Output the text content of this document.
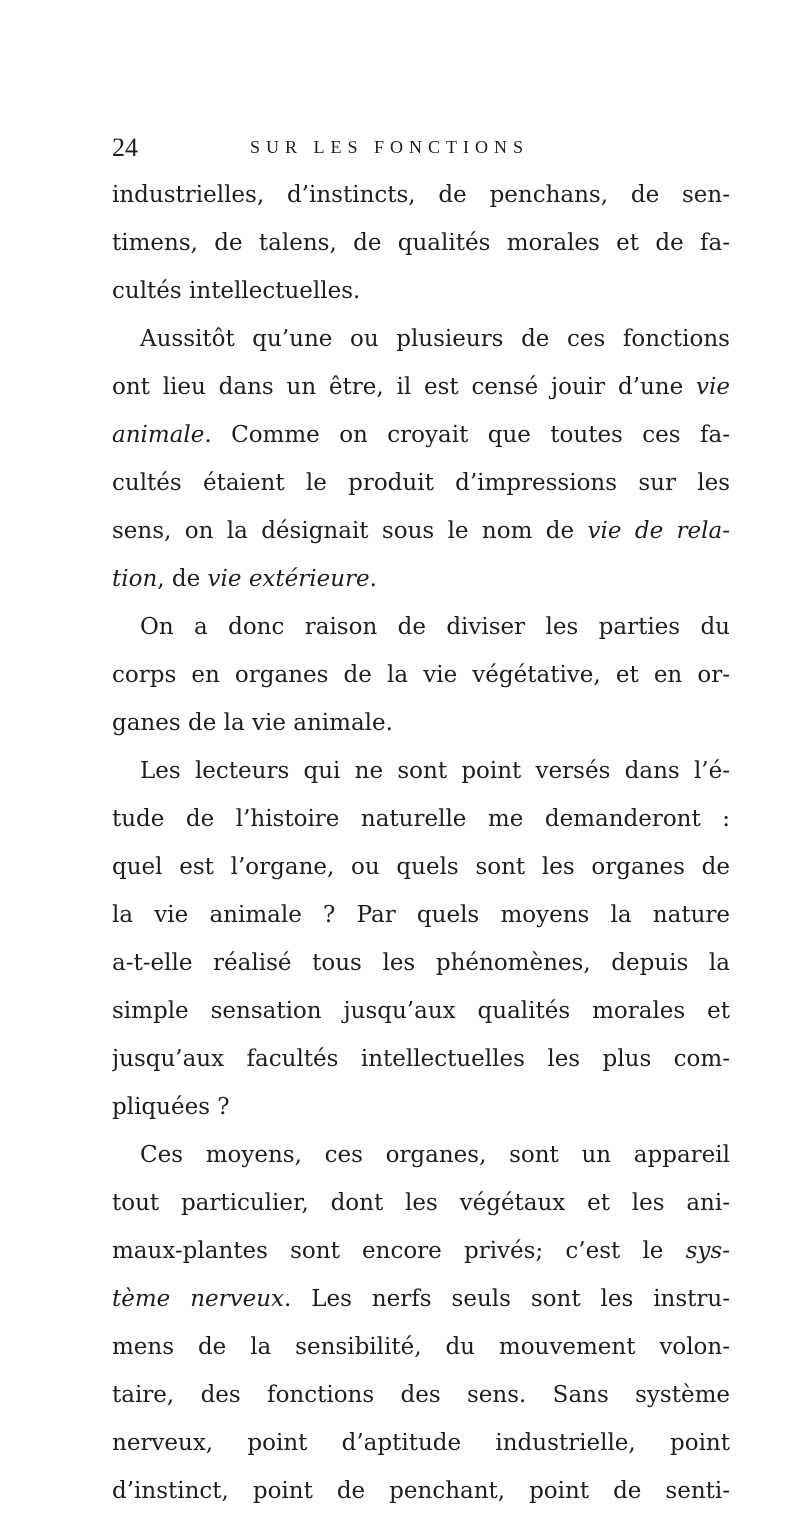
24	SUR LES FONCTIONS
industrielles, d’instincts, de penchans, de sen-
timens, de talens, de qualités morales et de fa-
cultés intellectuelles.
Aussitôt qu’une ou plusieurs de ces fonctions
ont lieu dans un être, il est censé jouir d’une vie
animale. Comme on croyait que toutes ces fa-
cultés étaient le produit d’impressions sur les
sens, on la désignait sous le nom de vie de rela-
tion, de vie extérieure.
On a donc raison de diviser les parties du
corps en organes de la vie végétative, et en or-
ganes de la vie animale.
Les lecteurs qui ne sont point versés dans l’é-
tude de l’histoire naturelle me demanderont :
quel est l’organe, ou quels sont les organes de
la vie animale ? Par quels moyens la nature
a-t-elle réalisé tous les phénomènes, depuis la
simple sensation jusqu’aux qualités morales et
jusqu’aux facultés intellectuelles les plus com-
pliquées ?
Ces moyens, ces organes, sont un appareil
tout particulier, dont les végétaux et les ani-
maux-plantes sont encore privés; c’est le sys-
tème nerveux. Les nerfs seuls sont les instru-
mens de la sensibilité, du mouvement volon-
taire, des fonctions des sens. Sans système
nerveux, point d’aptitude industrielle, point
d’instinct, point de penchant, point de senti-
